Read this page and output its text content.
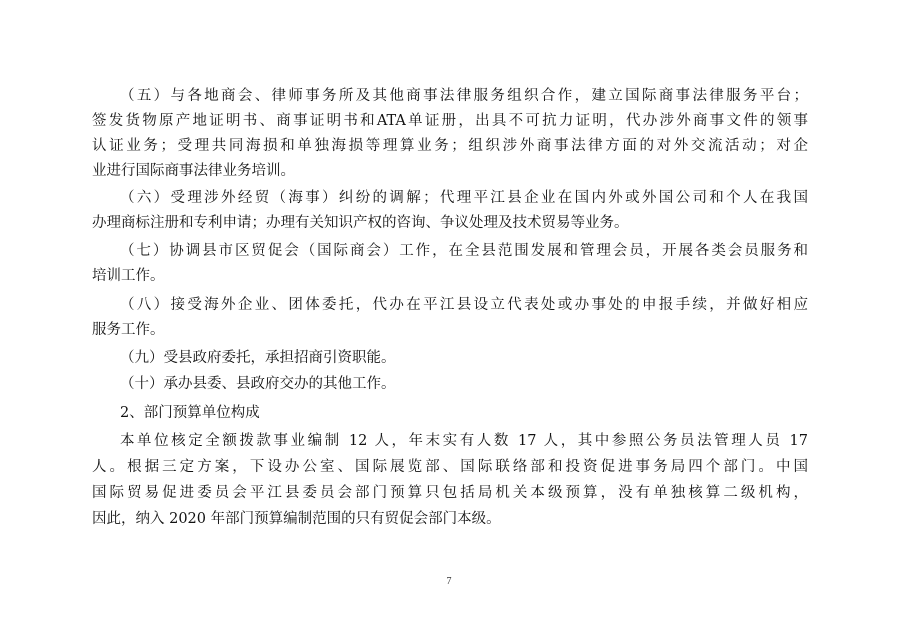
（五）与各地商会、律师事务所及其他商事法律服务组织合作，建立国际商事法律服务平台；
签发货物原产地证明书、商事证明书和ATA单证册，出具不可抗力证明，代办涉外商事文件的领事
认证业务；受理共同海损和单独海损等理算业务；组织涉外商事法律方面的对外交流活动；对企
业进行国际商事法律业务培训。
（六）受理涉外经贸（海事）纠纷的调解；代理平江县企业在国内外或外国公司和个人在我国
办理商标注册和专利申请；办理有关知识产权的咨询、争议处理及技术贸易等业务。
（七）协调县市区贸促会（国际商会）工作，在全县范围发展和管理会员，开展各类会员服务和
培训工作。
（八）接受海外企业、团体委托，代办在平江县设立代表处或办事处的申报手续，并做好相应
服务工作。
（九）受县政府委托，承担招商引资职能。
（十）承办县委、县政府交办的其他工作。
2、部门预算单位构成
本单位核定全额拨款事业编制 12 人，年末实有人数 17 人，其中参照公务员法管理人员 17
人。根据三定方案，下设办公室、国际展览部、国际联络部和投资促进事务局四个部门。中国
国际贸易促进委员会平江县委员会部门预算只包括局机关本级预算，没有单独核算二级机构，
因此，纳入 2020 年部门预算编制范围的只有贸促会部门本级。
7
